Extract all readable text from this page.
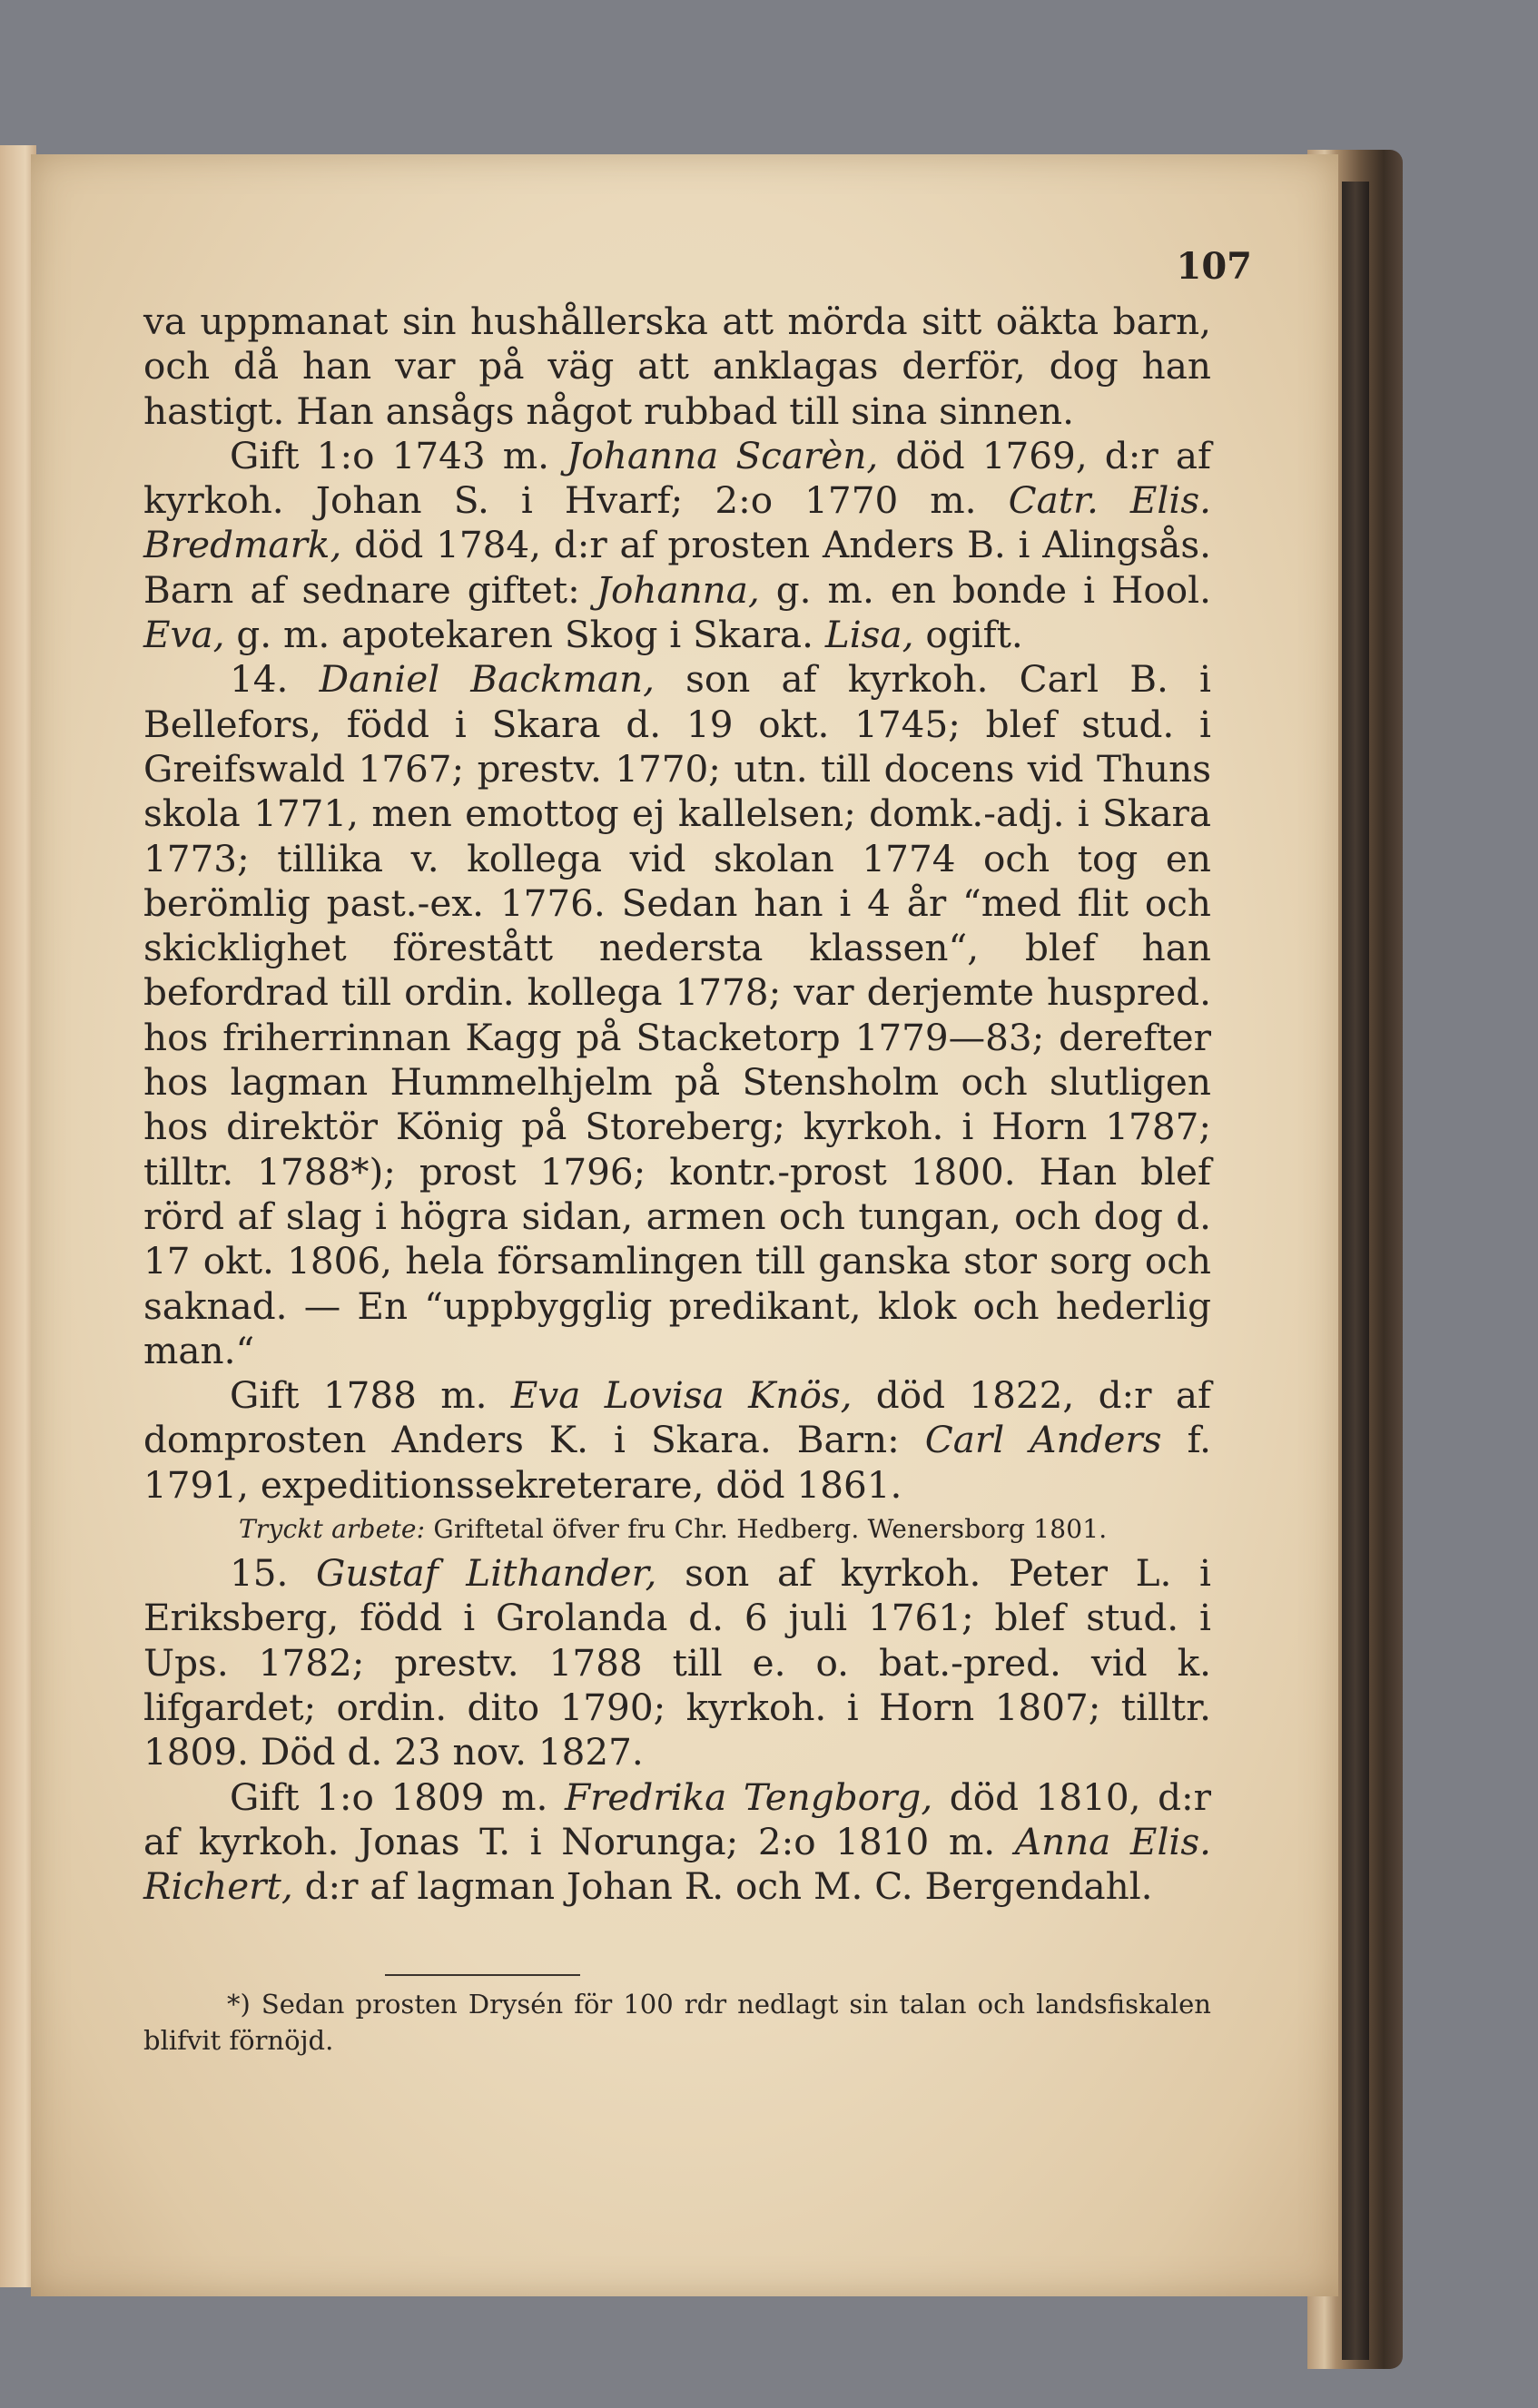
107

va uppmanat sin hushållerska att mörda sitt oäkta barn, och då han var på väg att anklagas derför, dog han hastigt. Han ansågs något rubbad till sina sinnen.

Gift 1:o 1743 m. Johanna Scarèn, död 1769, d:r af kyrkoh. Johan S. i Hvarf; 2:o 1770 m. Catr. Elis. Bredmark, död 1784, d:r af prosten Anders B. i Alingsås. Barn af sednare giftet: Johanna, g. m. en bonde i Hool. Eva, g. m. apotekaren Skog i Skara. Lisa, ogift.

14. Daniel Backman, son af kyrkoh. Carl B. i Bellefors, född i Skara d. 19 okt. 1745; blef stud. i Greifswald 1767; prestv. 1770; utn. till docens vid Thuns skola 1771, men emottog ej kallelsen; domk.-adj. i Skara 1773; tillika v. kollega vid skolan 1774 och tog en berömlig past.-ex. 1776. Sedan han i 4 år “med flit och skicklighet förestått nedersta klassen“, blef han befordrad till ordin. kollega 1778; var derjemte huspred. hos friherrinnan Kagg på Stacketorp 1779—83; derefter hos lagman Hummelhjelm på Stensholm och slutligen hos direktör König på Storeberg; kyrkoh. i Horn 1787; tilltr. 1788*); prost 1796; kontr.-prost 1800. Han blef rörd af slag i högra sidan, armen och tungan, och dog d. 17 okt. 1806, hela församlingen till ganska stor sorg och saknad. — En “uppbygglig predikant, klok och hederlig man.“

Gift 1788 m. Eva Lovisa Knös, död 1822, d:r af domprosten Anders K. i Skara. Barn: Carl Anders f. 1791, expeditionssekreterare, död 1861.

Tryckt arbete: Griftetal öfver fru Chr. Hedberg. Wenersborg 1801.

15. Gustaf Lithander, son af kyrkoh. Peter L. i Eriksberg, född i Grolanda d. 6 juli 1761; blef stud. i Ups. 1782; prestv. 1788 till e. o. bat.-pred. vid k. lifgardet; ordin. dito 1790; kyrkoh. i Horn 1807; tilltr. 1809. Död d. 23 nov. 1827.

Gift 1:o 1809 m. Fredrika Tengborg, död 1810, d:r af kyrkoh. Jonas T. i Norunga; 2:o 1810 m. Anna Elis. Richert, d:r af lagman Johan R. och M. C. Bergendahl.

*) Sedan prosten Drysén för 100 rdr nedlagt sin talan och landsfiskalen blifvit förnöjd.
